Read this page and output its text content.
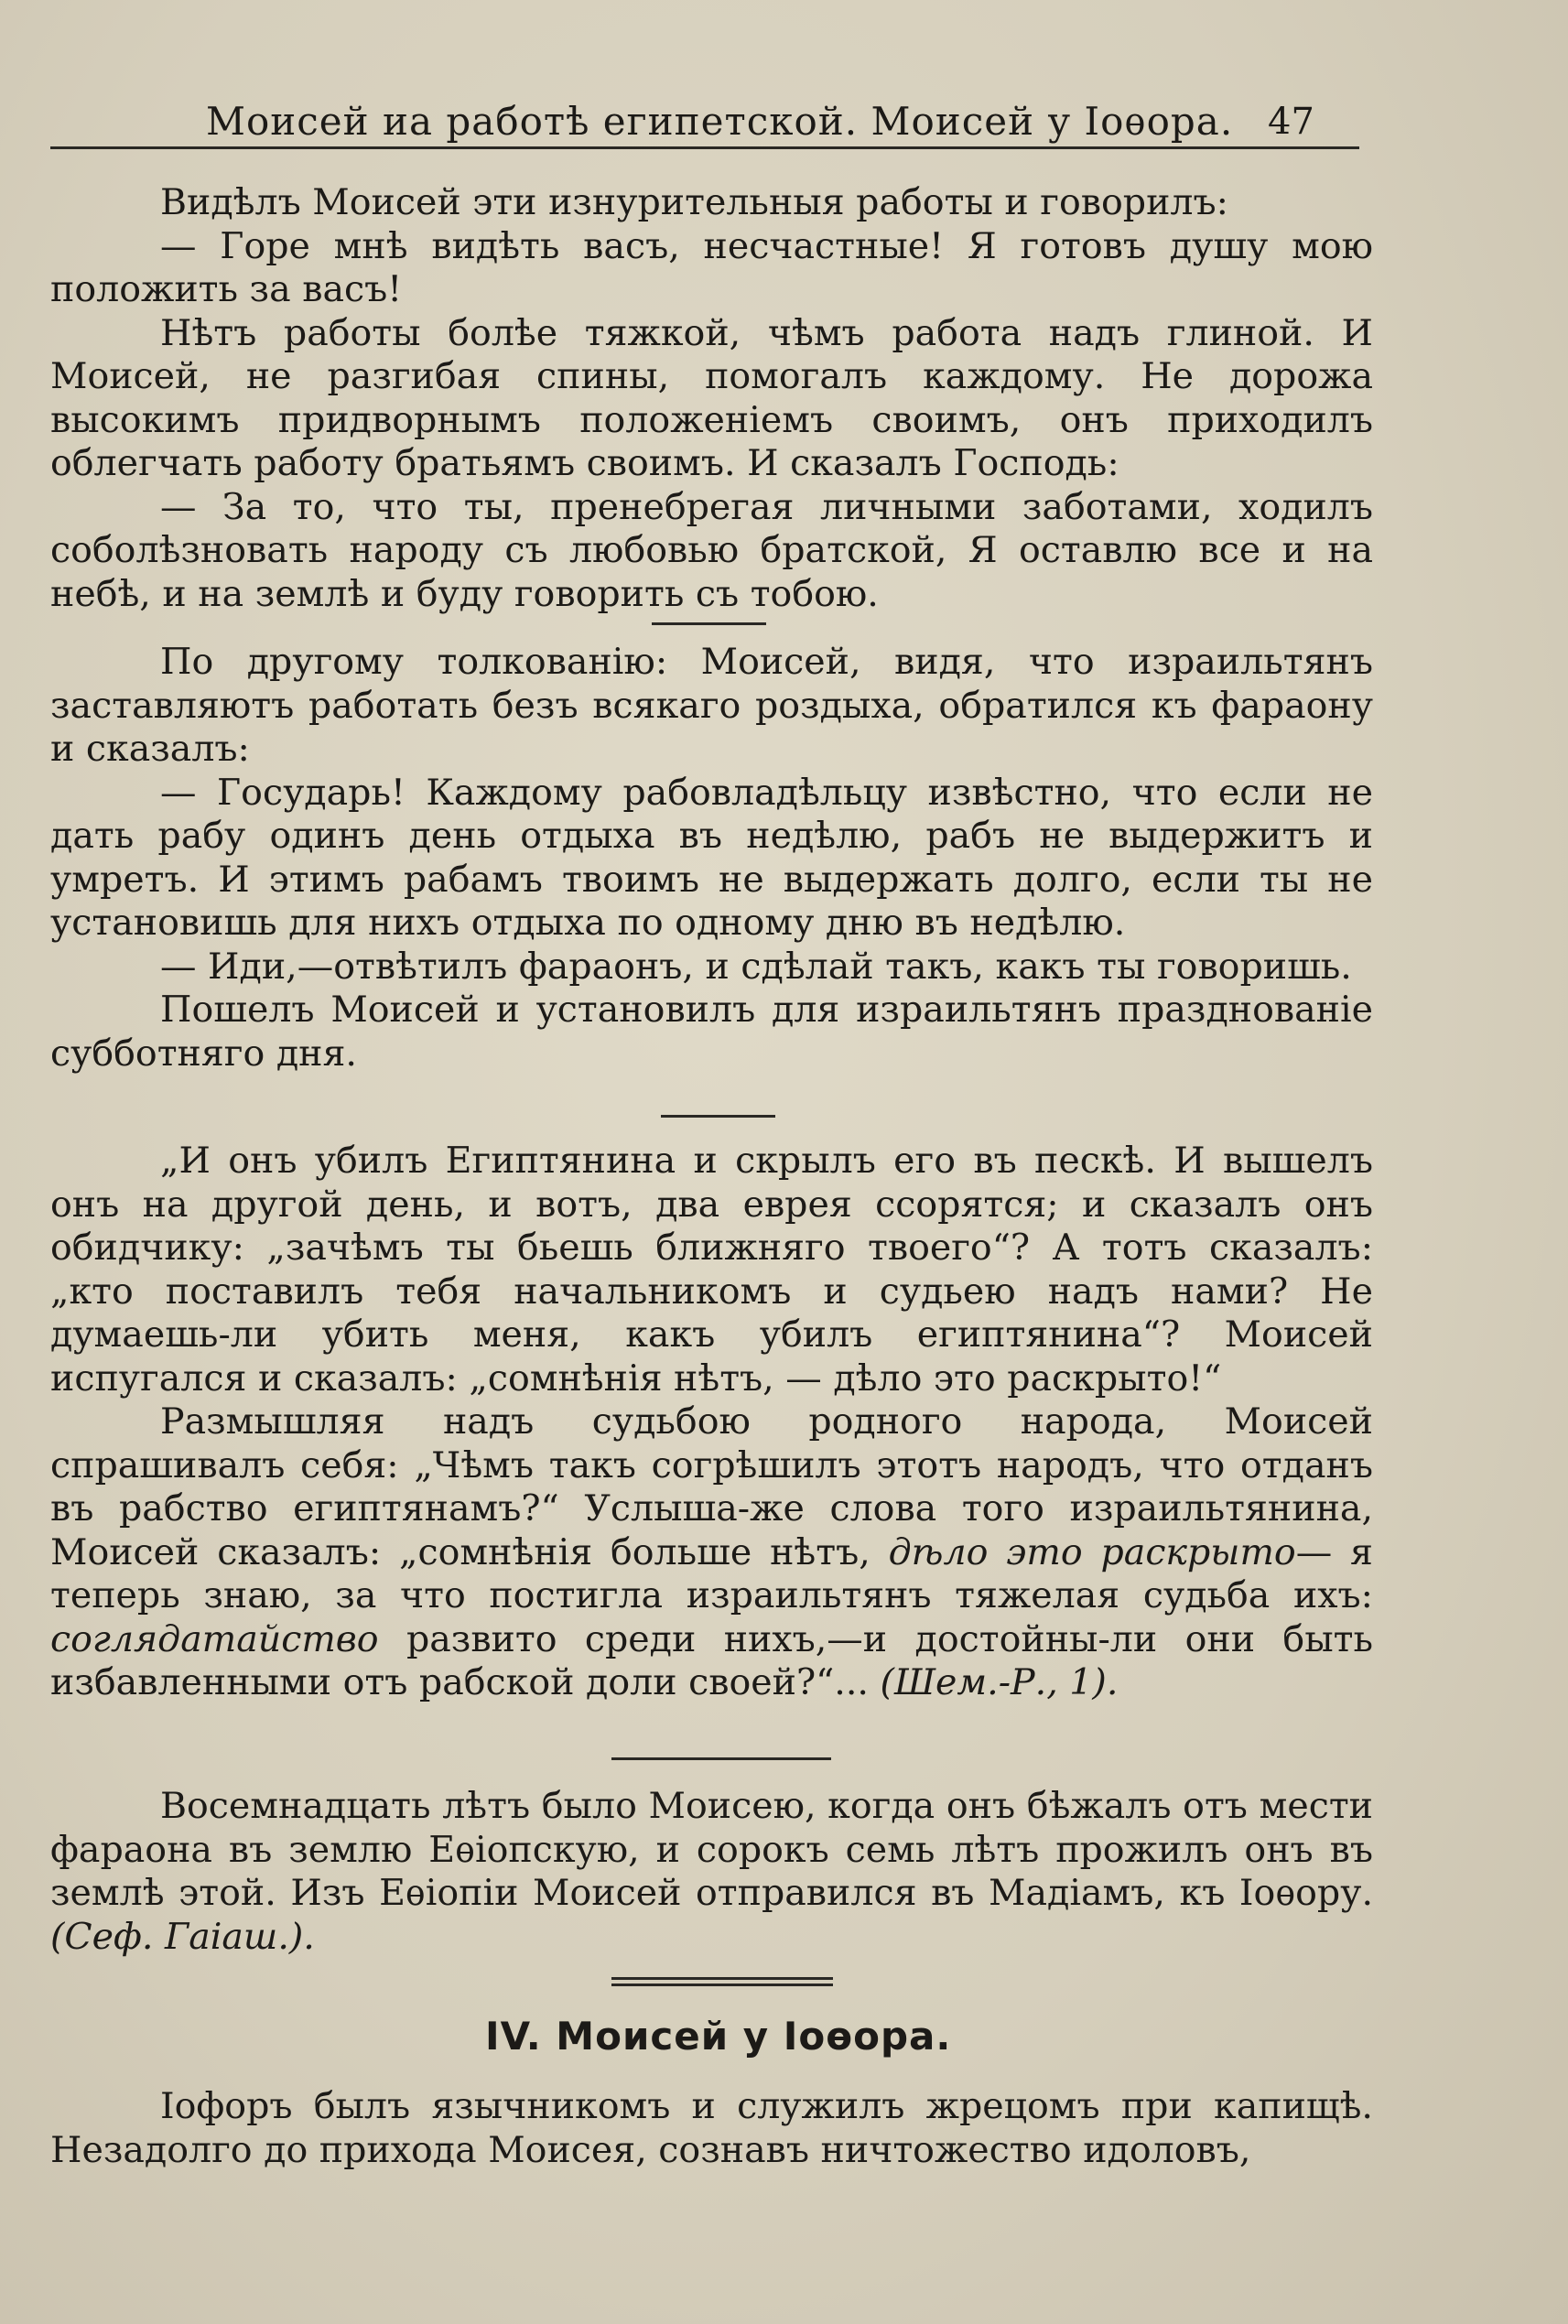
Моисей иа работѣ египетской. Моисей у Іоѳора. 47

Видѣлъ Моисей эти изнурительныя работы и говорилъ:

— Горе мнѣ видѣть васъ, несчастные! Я готовъ душу мою положить за васъ!

Нѣтъ работы болѣе тяжкой, чѣмъ работа надъ глиной. И Моисей, не разгибая спины, помогалъ каждому. Не дорожа высокимъ придворнымъ положеніемъ своимъ, онъ приходилъ облегчать работу братьямъ своимъ. И сказалъ Господь:

— За то, что ты, пренебрегая личными заботами, ходилъ соболѣзновать народу съ любовью братской, Я оставлю все и на небѣ, и на землѣ и буду говорить съ тобою.

По другому толкованію: Моисей, видя, что израильтянъ заставляютъ работать безъ всякаго роздыха, обратился къ фараону и сказалъ:

— Государь! Каждому рабовладѣльцу извѣстно, что если не дать рабу одинъ день отдыха въ недѣлю, рабъ не выдержитъ и умретъ. И этимъ рабамъ твоимъ не выдержать долго, если ты не установишь для нихъ отдыха по одному дню въ недѣлю.

— Иди,—отвѣтилъ фараонъ, и сдѣлай такъ, какъ ты говоришь.

Пошелъ Моисей и установилъ для израильтянъ празднованіе субботняго дня.

„И онъ убилъ Египтянина и скрылъ его въ пескѣ. И вышелъ онъ на другой день, и вотъ, два еврея ссорятся; и сказалъ онъ обидчику: „зачѣмъ ты бьешь ближняго твоего“? А тотъ сказалъ: „кто поставилъ тебя начальникомъ и судьею надъ нами? Не думаешь-ли убить меня, какъ убилъ египтянина“? Моисей испугался и сказалъ: „сомнѣнія нѣтъ, — дѣло это раскрыто!“

Размышляя надъ судьбою родного народа, Моисей спрашивалъ себя: „Чѣмъ такъ согрѣшилъ этотъ народъ, что отданъ въ рабство египтянамъ?“ Услыша-же слова того израильтянина, Моисей сказалъ: „сомнѣнія больше нѣтъ, дѣло это раскрыто— я теперь знаю, за что постигла израильтянъ тяжелая судьба ихъ: соглядатайство развито среди нихъ,—и достойны-ли они быть избавленными отъ рабской доли своей?“... (Шем.-Р., 1).

Восемнадцать лѣтъ было Моисею, когда онъ бѣжалъ отъ мести фараона въ землю Еѳіопскую, и сорокъ семь лѣтъ прожилъ онъ въ землѣ этой. Изъ Еѳіопіи Моисей отправился въ Мадіамъ, къ Іоѳору. (Сеф. Гаіаш.).

IV. Моисей у Іоѳора.

Іофоръ былъ язычникомъ и служилъ жрецомъ при капищѣ. Незадолго до прихода Моисея, сознавъ ничтожество идоловъ,
